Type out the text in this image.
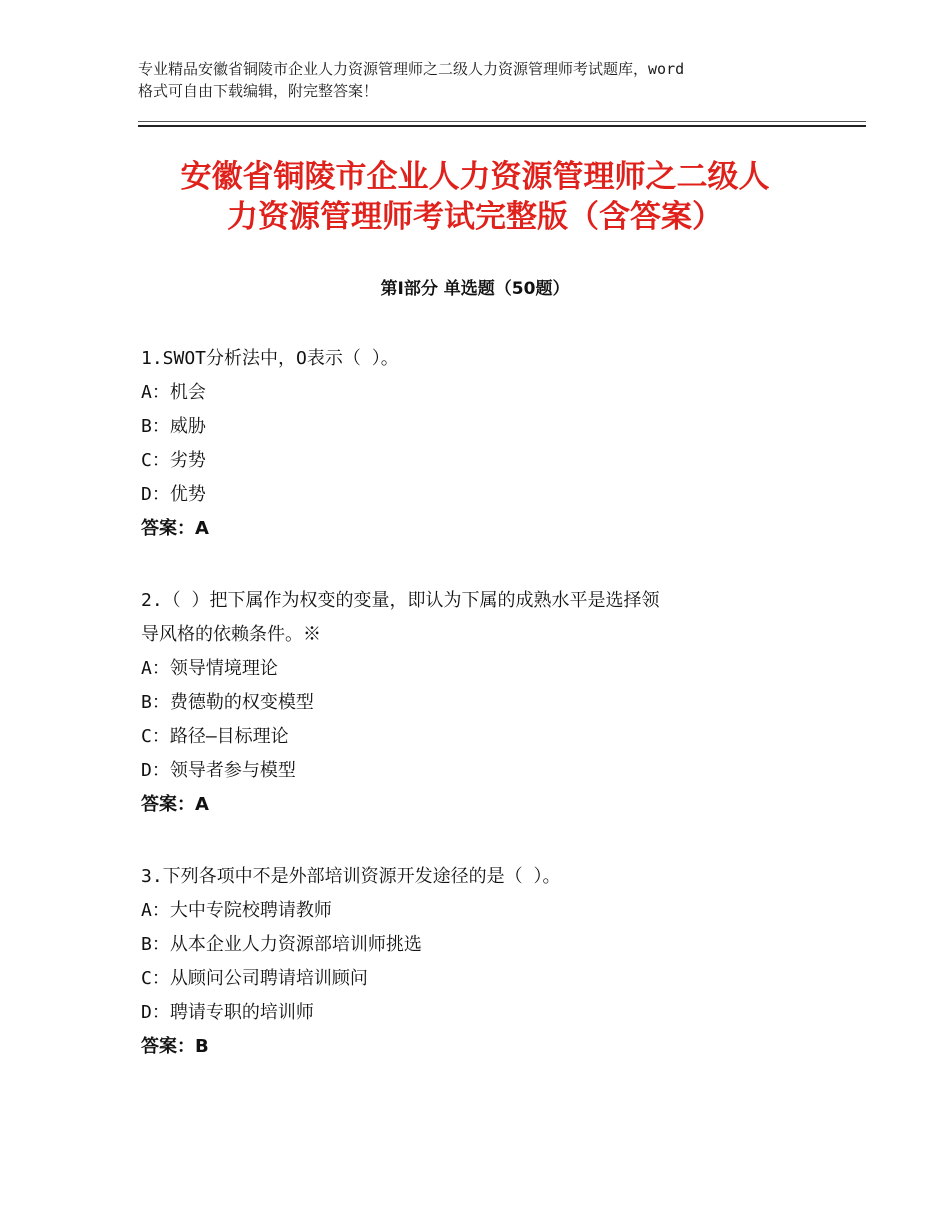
专业精品安徽省铜陵市企业人力资源管理师之二级人力资源管理师考试题库，word
格式可自由下载编辑，附完整答案！
安徽省铜陵市企业人力资源管理师之二级人
力资源管理师考试完整版（含答案）
第Ⅰ部分 单选题（50题）
1.SWOT分析法中，O表示（ ）。
A：机会
B：威胁
C：劣势
D：优势
答案：A
2.（ ）把下属作为权变的变量，即认为下属的成熟水平是选择领
导风格的依赖条件。※
A：领导情境理论
B：费德勒的权变模型
C：路径—目标理论
D：领导者参与模型
答案：A
3.下列各项中不是外部培训资源开发途径的是（ ）。
A：大中专院校聘请教师
B：从本企业人力资源部培训师挑选
C：从顾问公司聘请培训顾问
D：聘请专职的培训师
答案：B
